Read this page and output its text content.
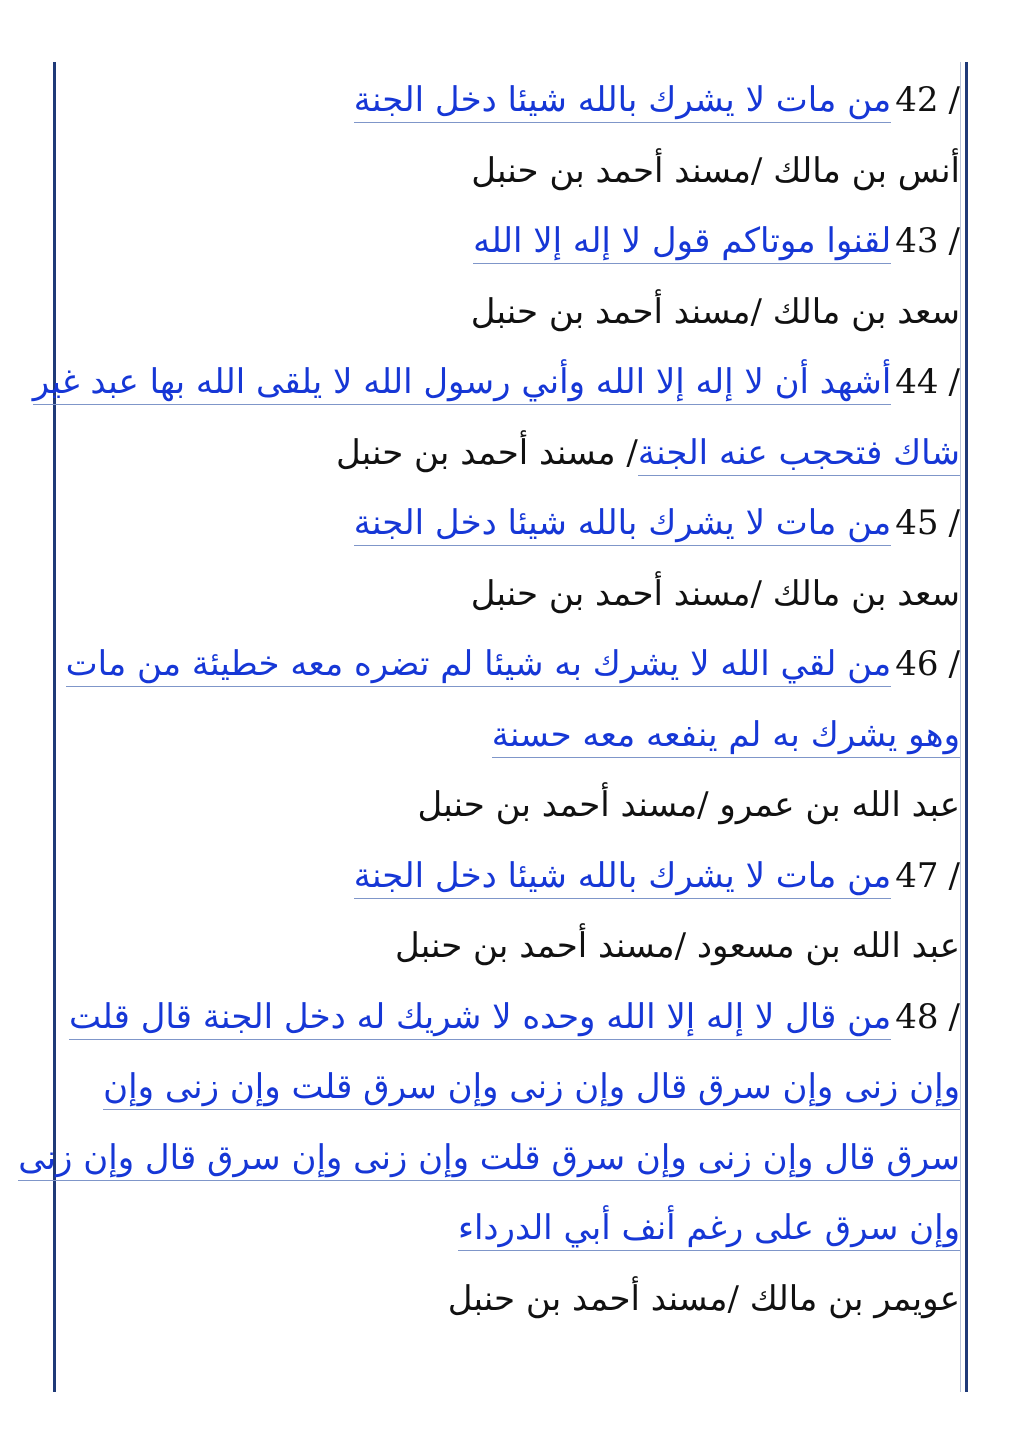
/42من مات لا يشرك بالله شيئا دخل الجنة
أنس بن مالك /مسند أحمد بن حنبل
/43لقنوا موتاكم قول لا إله إلا الله
سعد بن مالك /مسند أحمد بن حنبل
/44أشهد أن لا إله إلا الله وأني رسول الله لا يلقى الله بها عبد غير
شاك فتحجب عنه الجنة/ مسند أحمد بن حنبل
/45من مات لا يشرك بالله شيئا دخل الجنة
سعد بن مالك /مسند أحمد بن حنبل
/46من لقي الله لا يشرك به شيئا لم تضره معه خطيئة من مات
وهو يشرك به لم ينفعه معه حسنة
عبد الله بن عمرو /مسند أحمد بن حنبل
/47من مات لا يشرك بالله شيئا دخل الجنة
عبد الله بن مسعود /مسند أحمد بن حنبل
/48من قال لا إله إلا الله وحده لا شريك له دخل الجنة قال قلت
وإن زنى وإن سرق قال وإن زنى وإن سرق قلت وإن زنى وإن
سرق قال وإن زنى وإن سرق قلت وإن زنى وإن سرق قال وإن زنى
وإن سرق على رغم أنف أبي الدرداء
عويمر بن مالك /مسند أحمد بن حنبل
